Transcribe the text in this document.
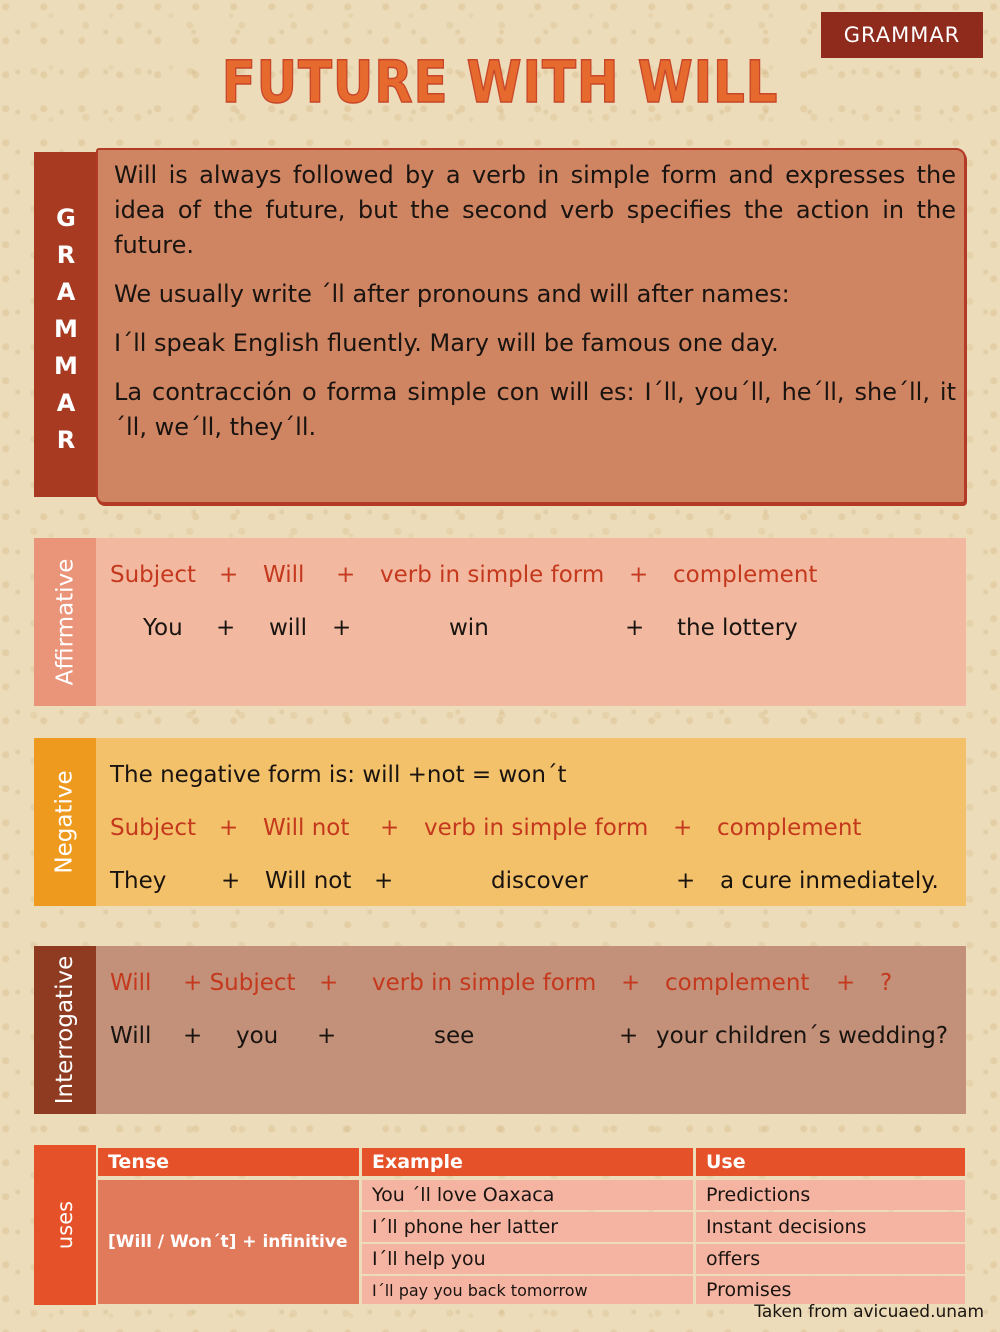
GRAMMAR
FUTURE WITH WILL
G
R
A
M
M
A
R

Will is always followed by a verb in simple form and expresses the idea of the future, but the second verb specifies the action in the future.

We usually write ´ll after pronouns and will after names:

I´ll speak English fluently. Mary will be famous one day.

La contracción o forma simple con will es: I´ll, you´ll, he´ll, she´ll, it´ll, we´ll, they´ll.

Affirmative Subject + Will + verb in simple form + complement
You + will +	win	+ the lottery
Negative The negative form is: will +not = won´t
Subject + Will not + verb in simple form + complement
They + Will not +	discover	+ a cure inmediately.
Interrogative Will + Subject + verb in simple form + complement + ?
Will + you +	see	+ your children´s wedding?
uses
Tense	Example	Use
[Will / Won´t] + infinitive
You ´ll love Oaxaca	Predictions
I´ll phone her latter	Instant decisions
I´ll help you	offers
I´ll pay you back tomorrow	Promises
Taken from avicuaed.unam
